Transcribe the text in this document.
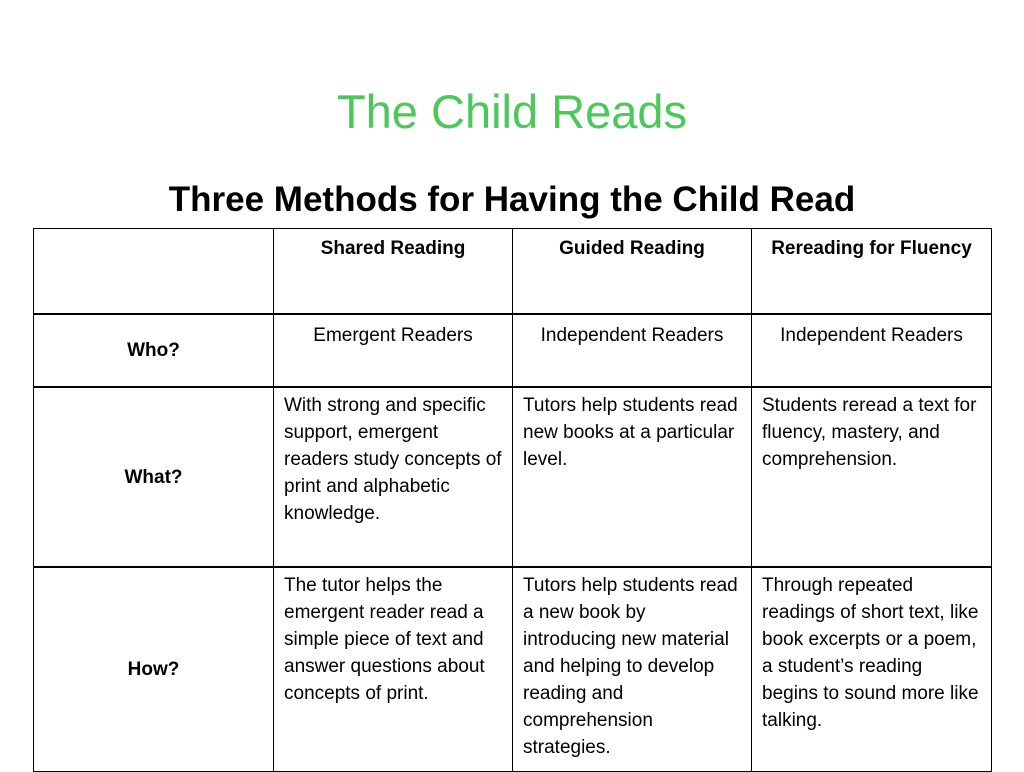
The Child Reads
Three Methods for Having the Child Read
	Shared Reading	Guided Reading	Rereading for Fluency
Who?	Emergent Readers	Independent Readers	Independent Readers
What?	With strong and specific support, emergent readers study concepts of print and alphabetic knowledge.	Tutors help students read new books at a particular level.	Students reread a text for fluency, mastery, and comprehension.
How?	The tutor helps the emergent reader read a simple piece of text and answer questions about concepts of print.	Tutors help students read a new book by introducing new material and helping to develop reading and comprehension strategies.	Through repeated readings of short text, like book excerpts or a poem, a student’s reading begins to sound more like talking.
